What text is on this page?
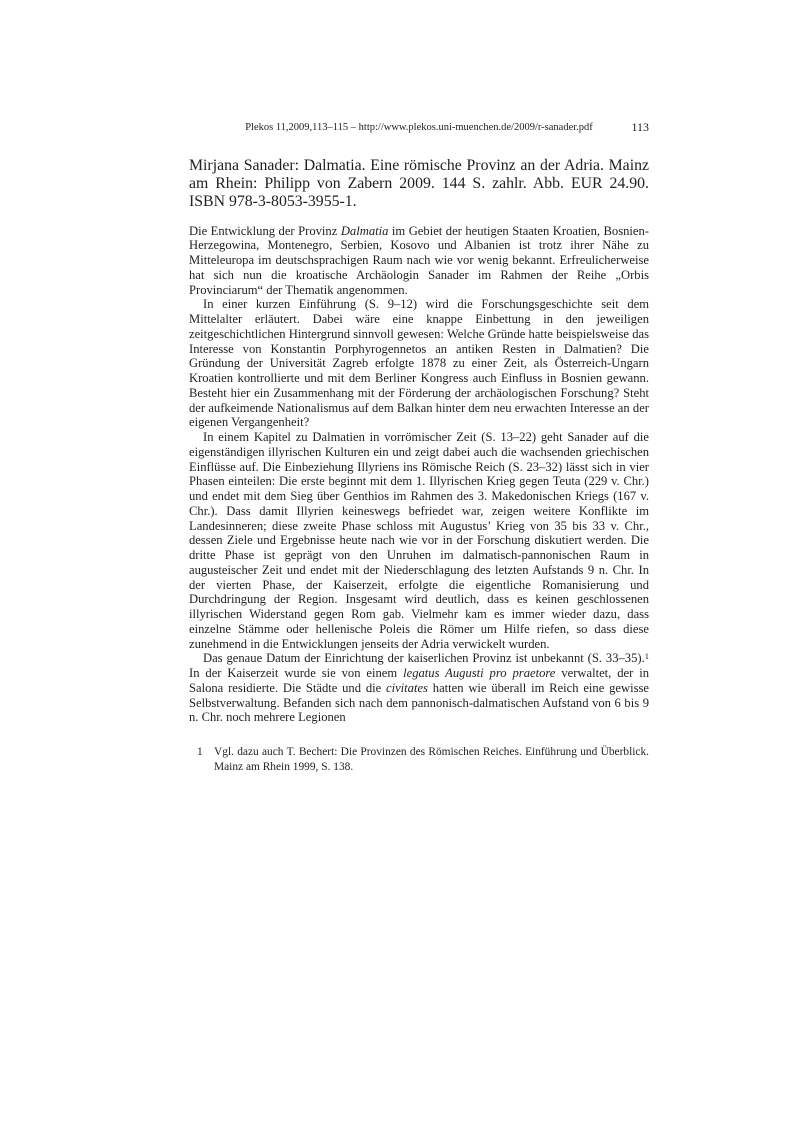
Plekos 11,2009,113–115 – http://www.plekos.uni-muenchen.de/2009/r-sanader.pdf	113
Mirjana Sanader: Dalmatia. Eine römische Provinz an der Adria. Mainz am Rhein: Philipp von Zabern 2009. 144 S. zahlr. Abb. EUR 24.90. ISBN 978-3-8053-3955-1.

Die Entwicklung der Provinz Dalmatia im Gebiet der heutigen Staaten Kroatien, Bosnien-Herzegowina, Montenegro, Serbien, Kosovo und Albanien ist trotz ihrer Nähe zu Mitteleuropa im deutschsprachigen Raum nach wie vor wenig bekannt. Erfreulicherweise hat sich nun die kroatische Archäologin Sanader im Rahmen der Reihe „Orbis Provinciarum“ der Thematik angenommen.

In einer kurzen Einführung (S. 9–12) wird die Forschungsgeschichte seit dem Mittelalter erläutert. Dabei wäre eine knappe Einbettung in den jeweiligen zeitgeschichtlichen Hintergrund sinnvoll gewesen: Welche Gründe hatte beispielsweise das Interesse von Konstantin Porphyrogennetos an antiken Resten in Dalmatien? Die Gründung der Universität Zagreb erfolgte 1878 zu einer Zeit, als Österreich-Ungarn Kroatien kontrollierte und mit dem Berliner Kongress auch Einfluss in Bosnien gewann. Besteht hier ein Zusammenhang mit der Förderung der archäologischen Forschung? Steht der aufkeimende Nationalismus auf dem Balkan hinter dem neu erwachten Interesse an der eigenen Vergangenheit?

In einem Kapitel zu Dalmatien in vorrömischer Zeit (S. 13–22) geht Sanader auf die eigenständigen illyrischen Kulturen ein und zeigt dabei auch die wachsenden griechischen Einflüsse auf. Die Einbeziehung Illyriens ins Römische Reich (S. 23–32) lässt sich in vier Phasen einteilen: Die erste beginnt mit dem 1. Illyrischen Krieg gegen Teuta (229 v. Chr.) und endet mit dem Sieg über Genthios im Rahmen des 3. Makedonischen Kriegs (167 v. Chr.). Dass damit Illyrien keineswegs befriedet war, zeigen weitere Konflikte im Landesinneren; diese zweite Phase schloss mit Augustus’ Krieg von 35 bis 33 v. Chr., dessen Ziele und Ergebnisse heute nach wie vor in der Forschung diskutiert werden. Die dritte Phase ist geprägt von den Unruhen im dalmatisch-pannonischen Raum in augusteischer Zeit und endet mit der Niederschlagung des letzten Aufstands 9 n. Chr. In der vierten Phase, der Kaiserzeit, erfolgte die eigentliche Romanisierung und Durchdringung der Region. Insgesamt wird deutlich, dass es keinen geschlossenen illyrischen Widerstand gegen Rom gab. Vielmehr kam es immer wieder dazu, dass einzelne Stämme oder hellenische Poleis die Römer um Hilfe riefen, so dass diese zunehmend in die Entwicklungen jenseits der Adria verwickelt wurden.

Das genaue Datum der Einrichtung der kaiserlichen Provinz ist unbekannt (S. 33–35).$^1$ In der Kaiserzeit wurde sie von einem legatus Augusti pro praetore verwaltet, der in Salona residierte. Die Städte und die civitates hatten wie überall im Reich eine gewisse Selbstverwaltung. Befanden sich nach dem pannonisch-dalmatischen Aufstand von 6 bis 9 n. Chr. noch mehrere Legionen

1 Vgl. dazu auch T. Bechert: Die Provinzen des Römischen Reiches. Einführung und Überblick. Mainz am Rhein 1999, S. 138.
